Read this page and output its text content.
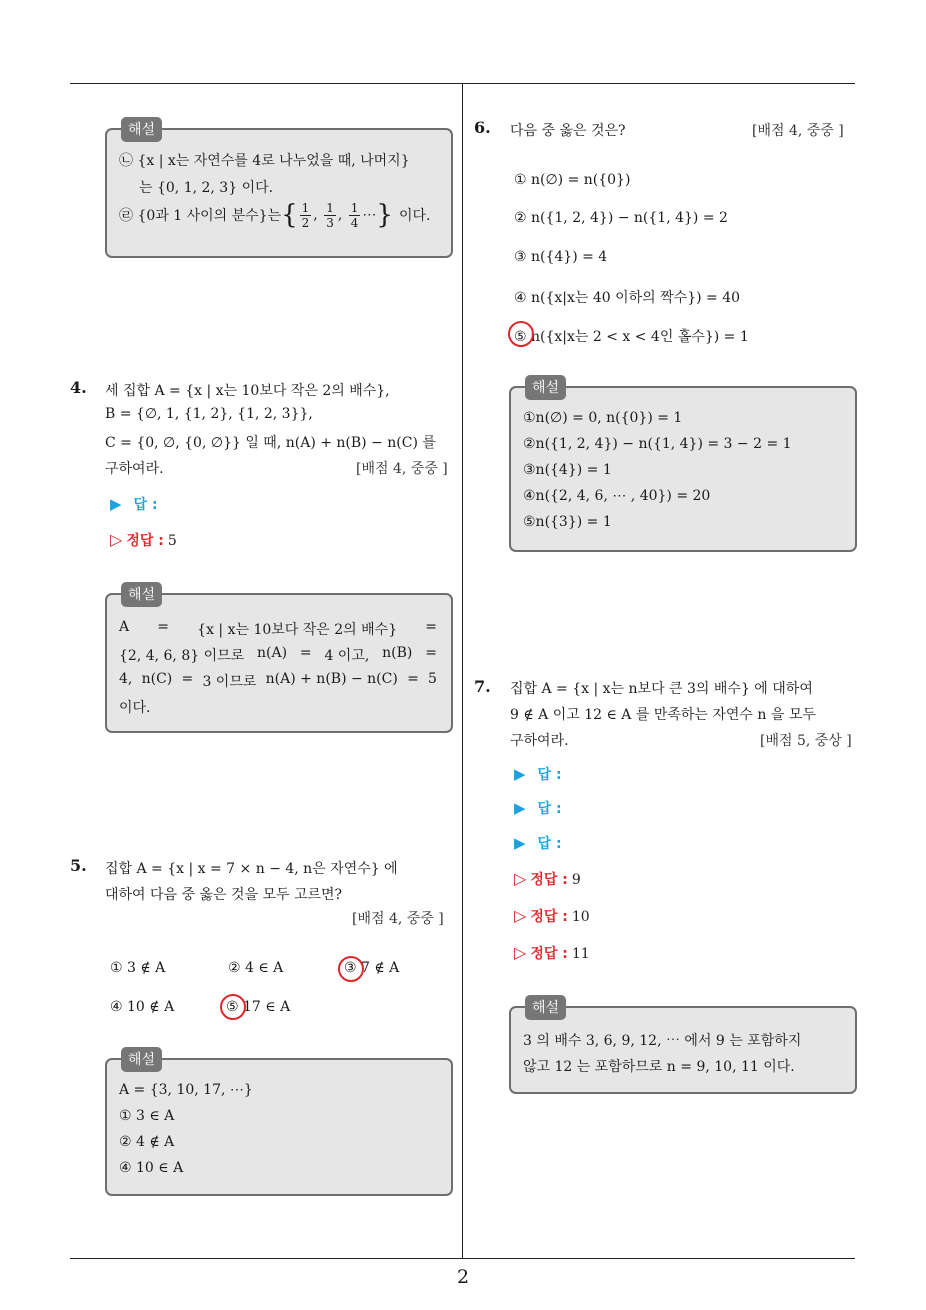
2
해설
㉡ {x | x는 자연수를 4로 나누었을 때, 나머지}
는 {0, 1, 2, 3} 이다.
㉣ {0과 1 사이의 분수}는 { $\frac{1}{2}$ , $\frac{1}{3}$ , $\frac{1}{4}$ ⋯ } 이다.
4. 세 집합 A = {x | x는 10보다 작은 2의 배수},
B = {∅, 1, {1, 2}, {1, 2, 3}},
C = {0, ∅, {0, ∅}} 일 때, n(A) + n(B) − n(C) 를
구하여라.	[배점 4, 중중 ]
▶ 답 :
▷ 정답 : 5
해설
A = {x | x는 10보다 작은 2의 배수} =
{2, 4, 6, 8} 이므로 n(A) = 4 이고, n(B) =
4, n(C) = 3 이므로 n(A) + n(B) − n(C) = 5
이다.
5. 집합 A = {x | x = 7 × n − 4, n은 자연수} 에
대하여 다음 중 옳은 것을 모두 고르면?
[배점 4, 중중 ]
① 3 ∉ A	② 4 ∈ A	③ 7 ∉ A
④ 10 ∉ A	⑤ 17 ∈ A
해설
A = {3, 10, 17, ⋯}
① 3 ∈ A
② 4 ∉ A
④ 10 ∈ A
6. 다음 중 옳은 것은?	[배점 4, 중중 ]
① n(∅) = n({0})
② n({1, 2, 4}) − n({1, 4}) = 2
③ n({4}) = 4
④ n({x|x는 40 이하의 짝수}) = 40
⑤ n({x|x는 2 < x < 4인 홀수}) = 1
해설
①n(∅) = 0, n({0}) = 1
②n({1, 2, 4}) − n({1, 4}) = 3 − 2 = 1
③n({4}) = 1
④n({2, 4, 6, ⋯ , 40}) = 20
⑤n({3}) = 1
7. 집합 A = {x | x는 n보다 큰 3의 배수} 에 대하여
9 ∉ A 이고 12 ∈ A 를 만족하는 자연수 n 을 모두
구하여라.	[배점 5, 중상 ]
▶ 답 :
▶ 답 :
▶ 답 :
▷ 정답 : 9
▷ 정답 : 10
▷ 정답 : 11
해설
3 의 배수 3, 6, 9, 12, ⋯ 에서 9 는 포함하지
않고 12 는 포함하므로 n = 9, 10, 11 이다.
